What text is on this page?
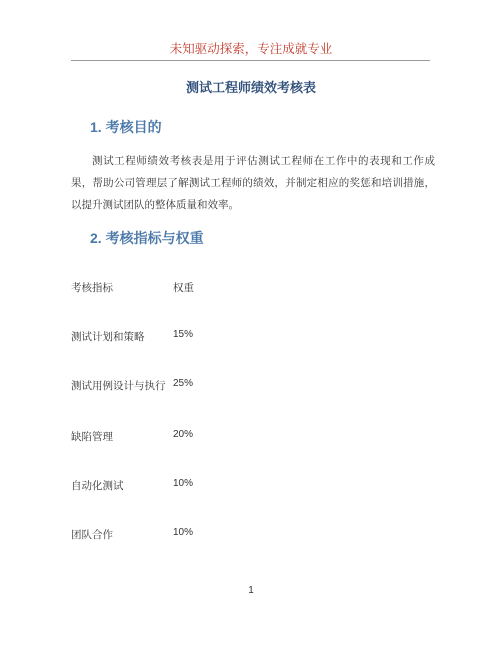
未知驱动探索，专注成就专业
测试工程师绩效考核表
1. 考核目的
测试工程师绩效考核表是用于评估测试工程师在工作中的表现和工作成果，帮助公司管理层了解测试工程师的绩效，并制定相应的奖惩和培训措施，以提升测试团队的整体质量和效率。
2. 考核指标与权重
考核指标	权重
测试计划和策略	15%
测试用例设计与执行 25%
缺陷管理	20%
自动化测试	10%
团队合作	10%
1
